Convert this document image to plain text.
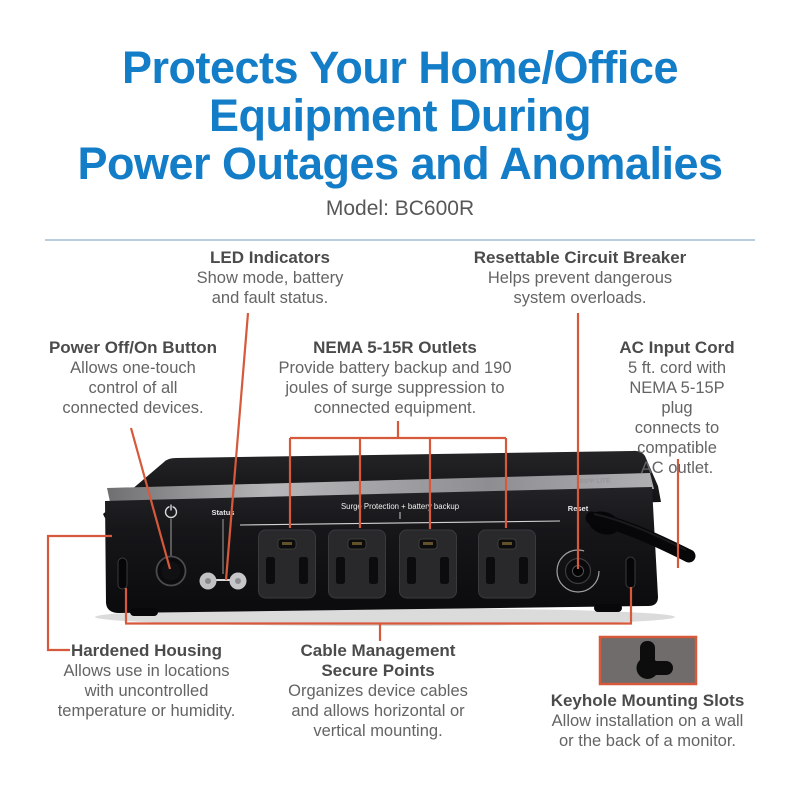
Protects Your Home/Office
Equipment During
Power Outages and Anomalies
Model: BC600R
Status
Surge Protection + battery backup	Reset
TRIPP LITE
LED Indicators
Show mode, battery
and fault status.
Resettable Circuit Breaker
Helps prevent dangerous
system overloads.
Power Off/On Button
Allows one-touch
control of all
connected devices.
NEMA 5-15R Outlets
Provide battery backup and 190
joules of surge suppression to
connected equipment.
AC Input Cord
5 ft. cord with
NEMA 5-15P plug
connects to
compatible
AC outlet.
Hardened Housing
Allows use in locations
with uncontrolled
temperature or humidity.
Cable Management
Secure Points
Organizes device cables
and allows horizontal or
vertical mounting.
Keyhole Mounting Slots
Allow installation on a wall
or the back of a monitor.
